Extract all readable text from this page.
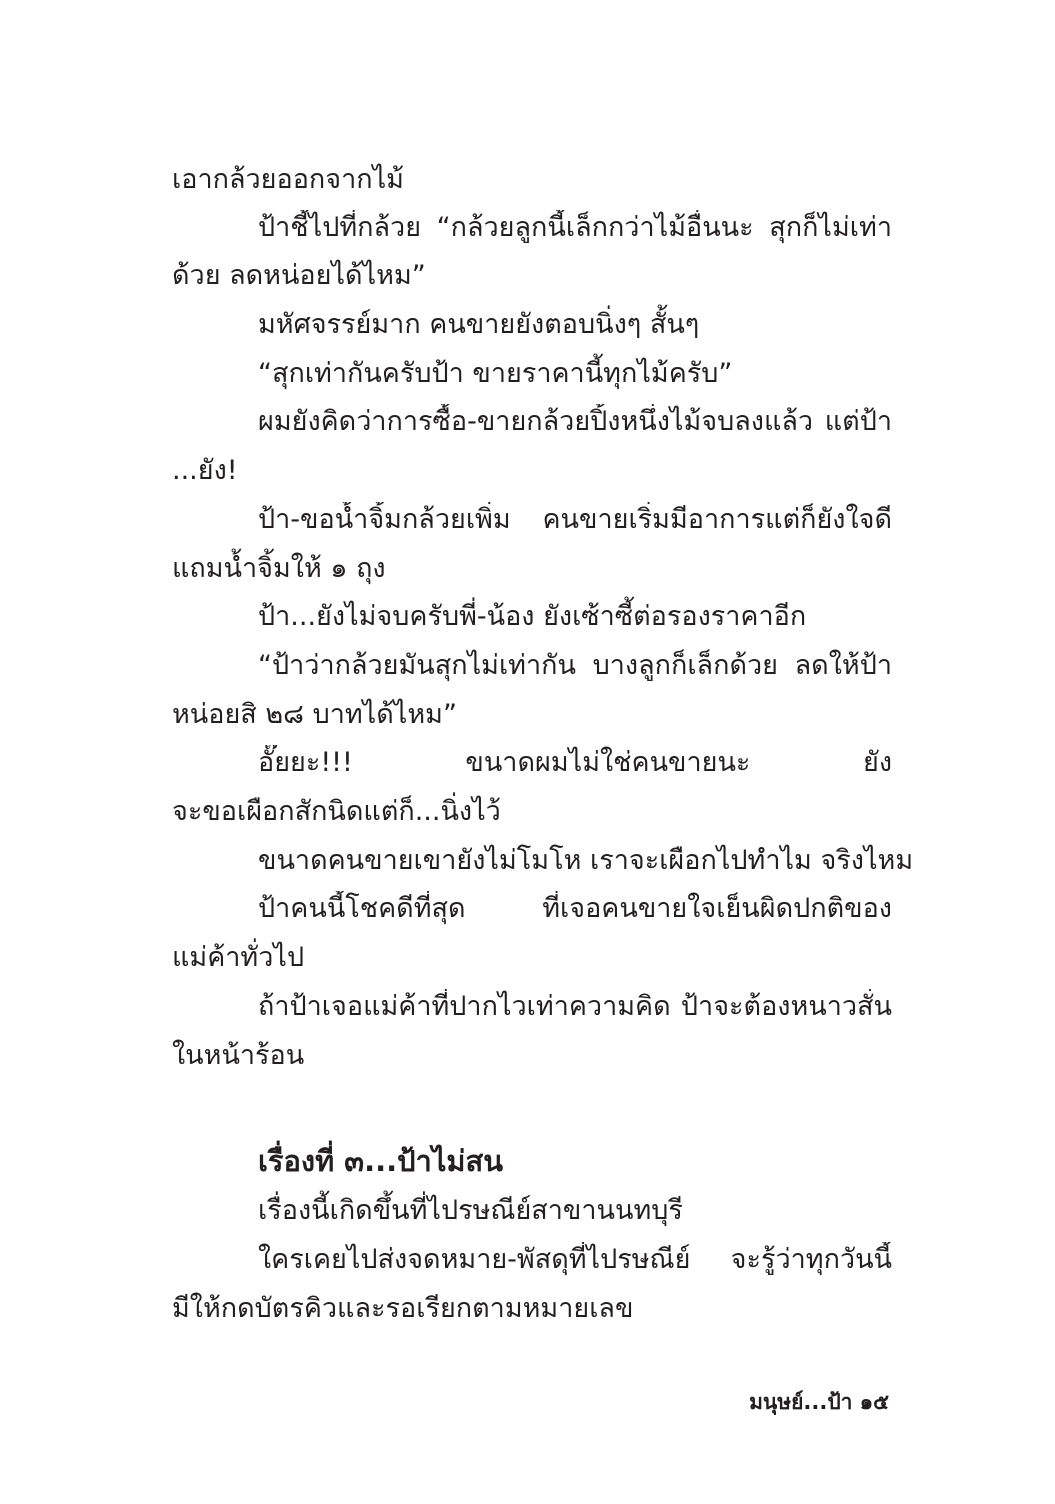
เอากล้วยออกจากไม้
ป้าชี้ไปที่กล้วย “กล้วยลูกนี้เล็กกว่าไม้อื่นนะ สุกก็ไม่เท่า
ด้วย ลดหน่อยได้ไหม”
มหัศจรรย์มาก คนขายยังตอบนิ่งๆ สั้นๆ
“สุกเท่ากันครับป้า ขายราคานี้ทุกไม้ครับ”
ผมยังคิดว่าการซื้อ-ขายกล้วยปิ้งหนึ่งไม้จบลงแล้ว แต่ป้า
...ยัง!
ป้า-ขอน้ำจิ้มกล้วยเพิ่ม คนขายเริ่มมีอาการแต่ก็ยังใจดี
แถมน้ำจิ้มให้ ๑ ถุง
ป้า...ยังไม่จบครับพี่-น้อง ยังเซ้าซี้ต่อรองราคาอีก
“ป้าว่ากล้วยมันสุกไม่เท่ากัน บางลูกก็เล็กด้วย ลดให้ป้า
หน่อยสิ ๒๘ บาทได้ไหม”
อั๊ยยะ!!! ขนาดผมไม่ใช่คนขายนะ ยัง
จะขอเผือกสักนิดแต่ก็...นิ่งไว้
ขนาดคนขายเขายังไม่โมโห เราจะเผือกไปทำไม จริงไหม
ป้าคนนี้โชคดีที่สุด ที่เจอคนขายใจเย็นผิดปกติของ
แม่ค้าทั่วไป
ถ้าป้าเจอแม่ค้าที่ปากไวเท่าความคิด ป้าจะต้องหนาวสั่น
ในหน้าร้อน
เรื่องที่ ๓...ป้าไม่สน
เรื่องนี้เกิดขึ้นที่ไปรษณีย์สาขานนทบุรี
ใครเคยไปส่งจดหมาย-พัสดุที่ไปรษณีย์ จะรู้ว่าทุกวันนี้
มีให้กดบัตรคิวและรอเรียกตามหมายเลข
มนุษย์...ป้า ๑๕
